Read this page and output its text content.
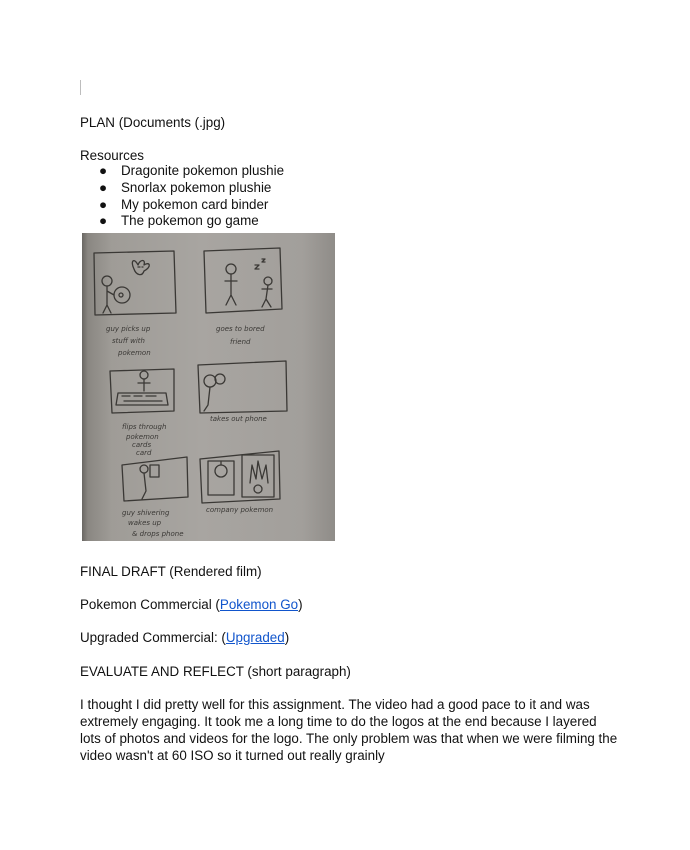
PLAN (Documents (.jpg)
Resources
● Dragonite pokemon plushie
● Snorlax pokemon plushie
● My pokemon card binder
● The pokemon go game
guy picks up
stuff with
pokemon
goes to bored
friend
flips through
pokemon
cards
card
takes out phone
guy shivering
wakes up
& drops phone
company pokemon
FINAL DRAFT (Rendered film)
Pokemon Commercial (Pokemon Go)
Upgraded Commercial: (Upgraded)
EVALUATE AND REFLECT (short paragraph)
I thought I did pretty well for this assignment. The video had a good pace to it and was extremely engaging. It took me a long time to do the logos at the end because I layered lots of photos and videos for the logo. The only problem was that when we were filming the video wasn't at 60 ISO so it turned out really grainly
